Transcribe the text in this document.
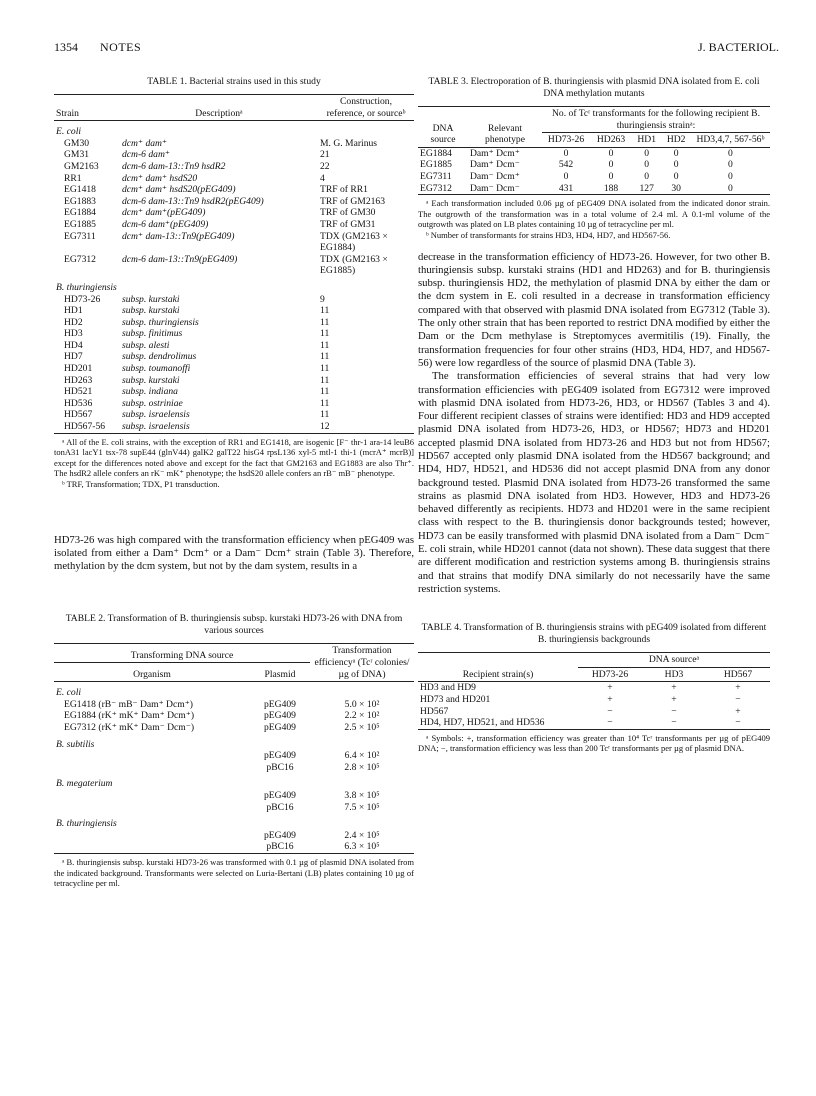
1354 NOTES	J. BACTERIOL.
TABLE 1. Bacterial strains used in this study
Strain	Descriptionᵃ	Construction, reference, or sourceᵇ
E. coli		
GM30	dcm⁺ dam⁺	M. G. Marinus
GM31	dcm-6 dam⁺	21
GM2163	dcm-6 dam-13::Tn9 hsdR2	22
RR1	dcm⁺ dam⁺ hsdS20	4
EG1418	dcm⁺ dam⁺ hsdS20(pEG409)	TRF of RR1
EG1883	dcm-6 dam-13::Tn9 hsdR2(pEG409)	TRF of GM2163
EG1884	dcm⁺ dam⁺(pEG409)	TRF of GM30
EG1885	dcm-6 dam⁺(pEG409)	TRF of GM31
EG7311	dcm⁺ dam-13::Tn9(pEG409)	TDX (GM2163 × EG1884)
EG7312	dcm-6 dam-13::Tn9(pEG409)	TDX (GM2163 × EG1885)
B. thuringiensis		
HD73-26	subsp. kurstaki	9
HD1	subsp. kurstaki	11
HD2	subsp. thuringiensis	11
HD3	subsp. finitimus	11
HD4	subsp. alesti	11
HD7	subsp. dendrolimus	11
HD201	subsp. toumanoffi	11
HD263	subsp. kurstaki	11
HD521	subsp. indiana	11
HD536	subsp. ostriniae	11
HD567	subsp. israelensis	11
HD567-56	subsp. israelensis	12

ᵃ All of the E. coli strains, with the exception of RR1 and EG1418, are isogenic [F⁻ thr-1 ara-14 leuB6 tonA31 lacY1 tsx-78 supE44 (glnV44) galK2 galT22 hisG4 rpsL136 xyl-5 mtl-1 thi-1 (mcrA⁺ mcrB)] except for the differences noted above and except for the fact that GM2163 and EG1883 are also Thr⁺. The hsdR2 allele confers an rK⁻ mK⁺ phenotype; the hsdS20 allele confers an rB⁻ mB⁻ phenotype.

ᵇ TRF, Transformation; TDX, P1 transduction.

HD73-26 was high compared with the transformation efficiency when pEG409 was isolated from either a Dam⁺ Dcm⁺ or a Dam⁻ Dcm⁺ strain (Table 3). Therefore, methylation by the dcm system, but not by the dam system, results in a

TABLE 2. Transformation of B. thuringiensis subsp. kurstaki HD73-26 with DNA from various sources
Transforming DNA source		Transformation efficiencyᵃ (Tcʳ colonies/µg of DNA)
Organism	Plasmid	
E. coli		
EG1418 (rB⁻ mB⁻ Dam⁺ Dcm⁺)	pEG409	5.0 × 10²
EG1884 (rK⁺ mK⁺ Dam⁺ Dcm⁺)	pEG409	2.2 × 10²
EG7312 (rK⁺ mK⁺ Dam⁻ Dcm⁻)	pEG409	2.5 × 10⁵
B. subtilis		
	pEG409	6.4 × 10²
	pBC16	2.8 × 10⁵
B. megaterium		
	pEG409	3.8 × 10⁵
	pBC16	7.5 × 10⁵
B. thuringiensis		
	pEG409	2.4 × 10⁵
	pBC16	6.3 × 10⁵

ᵃ B. thuringiensis subsp. kurstaki HD73-26 was transformed with 0.1 µg of plasmid DNA isolated from the indicated background. Transformants were selected on Luria-Bertani (LB) plates containing 10 µg of tetracycline per ml.

TABLE 3. Electroporation of B. thuringiensis with plasmid DNA isolated from E. coli DNA methylation mutants
DNA source	Relevant phenotype	No. of Tcʳ transformants for the following recipient B. thuringiensis strainᵃ:				
		HD73-26	HD263	HD1	HD2	HD3,4,7, 567-56ᵇ
EG1884	Dam⁺ Dcm⁺	0	0	0	0	0
EG1885	Dam⁺ Dcm⁻	542	0	0	0	0
EG7311	Dam⁻ Dcm⁺	0	0	0	0	0
EG7312	Dam⁻ Dcm⁻	431	188	127	30	0

ᵃ Each transformation included 0.06 µg of pEG409 DNA isolated from the indicated donor strain. The outgrowth of the transformation was in a total volume of 2.4 ml. A 0.1-ml volume of the outgrowth was plated on LB plates containing 10 µg of tetracycline per ml.

ᵇ Number of transformants for strains HD3, HD4, HD7, and HD567-56.

decrease in the transformation efficiency of HD73-26. However, for two other B. thuringiensis subsp. kurstaki strains (HD1 and HD263) and for B. thuringiensis subsp. thuringiensis HD2, the methylation of plasmid DNA by either the dam or the dcm system in E. coli resulted in a decrease in transformation efficiency compared with that observed with plasmid DNA isolated from EG7312 (Table 3). The only other strain that has been reported to restrict DNA modified by either the Dam or the Dcm methylase is Streptomyces avermitilis (19). Finally, the transformation frequencies for four other strains (HD3, HD4, HD7, and HD567-56) were low regardless of the source of plasmid DNA (Table 3).

The transformation efficiencies of several strains that had very low transformation efficiencies with pEG409 isolated from EG7312 were improved with plasmid DNA isolated from HD73-26, HD3, or HD567 (Tables 3 and 4). Four different recipient classes of strains were identified: HD3 and HD9 accepted plasmid DNA isolated from HD73-26, HD3, or HD567; HD73 and HD201 accepted plasmid DNA isolated from HD73-26 and HD3 but not from HD567; HD567 accepted only plasmid DNA isolated from the HD567 background; and HD4, HD7, HD521, and HD536 did not accept plasmid DNA from any donor background tested. Plasmid DNA isolated from HD73-26 transformed the same strains as plasmid DNA isolated from HD3. However, HD3 and HD73-26 behaved differently as recipients. HD73 and HD201 were in the same recipient class with respect to the B. thuringiensis donor backgrounds tested; however, HD73 can be easily transformed with plasmid DNA isolated from a Dam⁻ Dcm⁻ E. coli strain, while HD201 cannot (data not shown). These data suggest that there are different modification and restriction systems among B. thuringiensis strains and that strains that modify DNA similarly do not necessarily have the same restriction systems.

TABLE 4. Transformation of B. thuringiensis strains with pEG409 isolated from different B. thuringiensis backgrounds
Recipient strain(s)	DNA sourceᵃ		
	HD73-26	HD3	HD567
HD3 and HD9	+	+	+
HD73 and HD201	+	+	−
HD567	−	−	+
HD4, HD7, HD521, and HD536	−	−	−

ᵃ Symbols: +, transformation efficiency was greater than 10⁴ Tcʳ transformants per µg of pEG409 DNA; −, transformation efficiency was less than 200 Tcʳ transformants per µg of plasmid DNA.
